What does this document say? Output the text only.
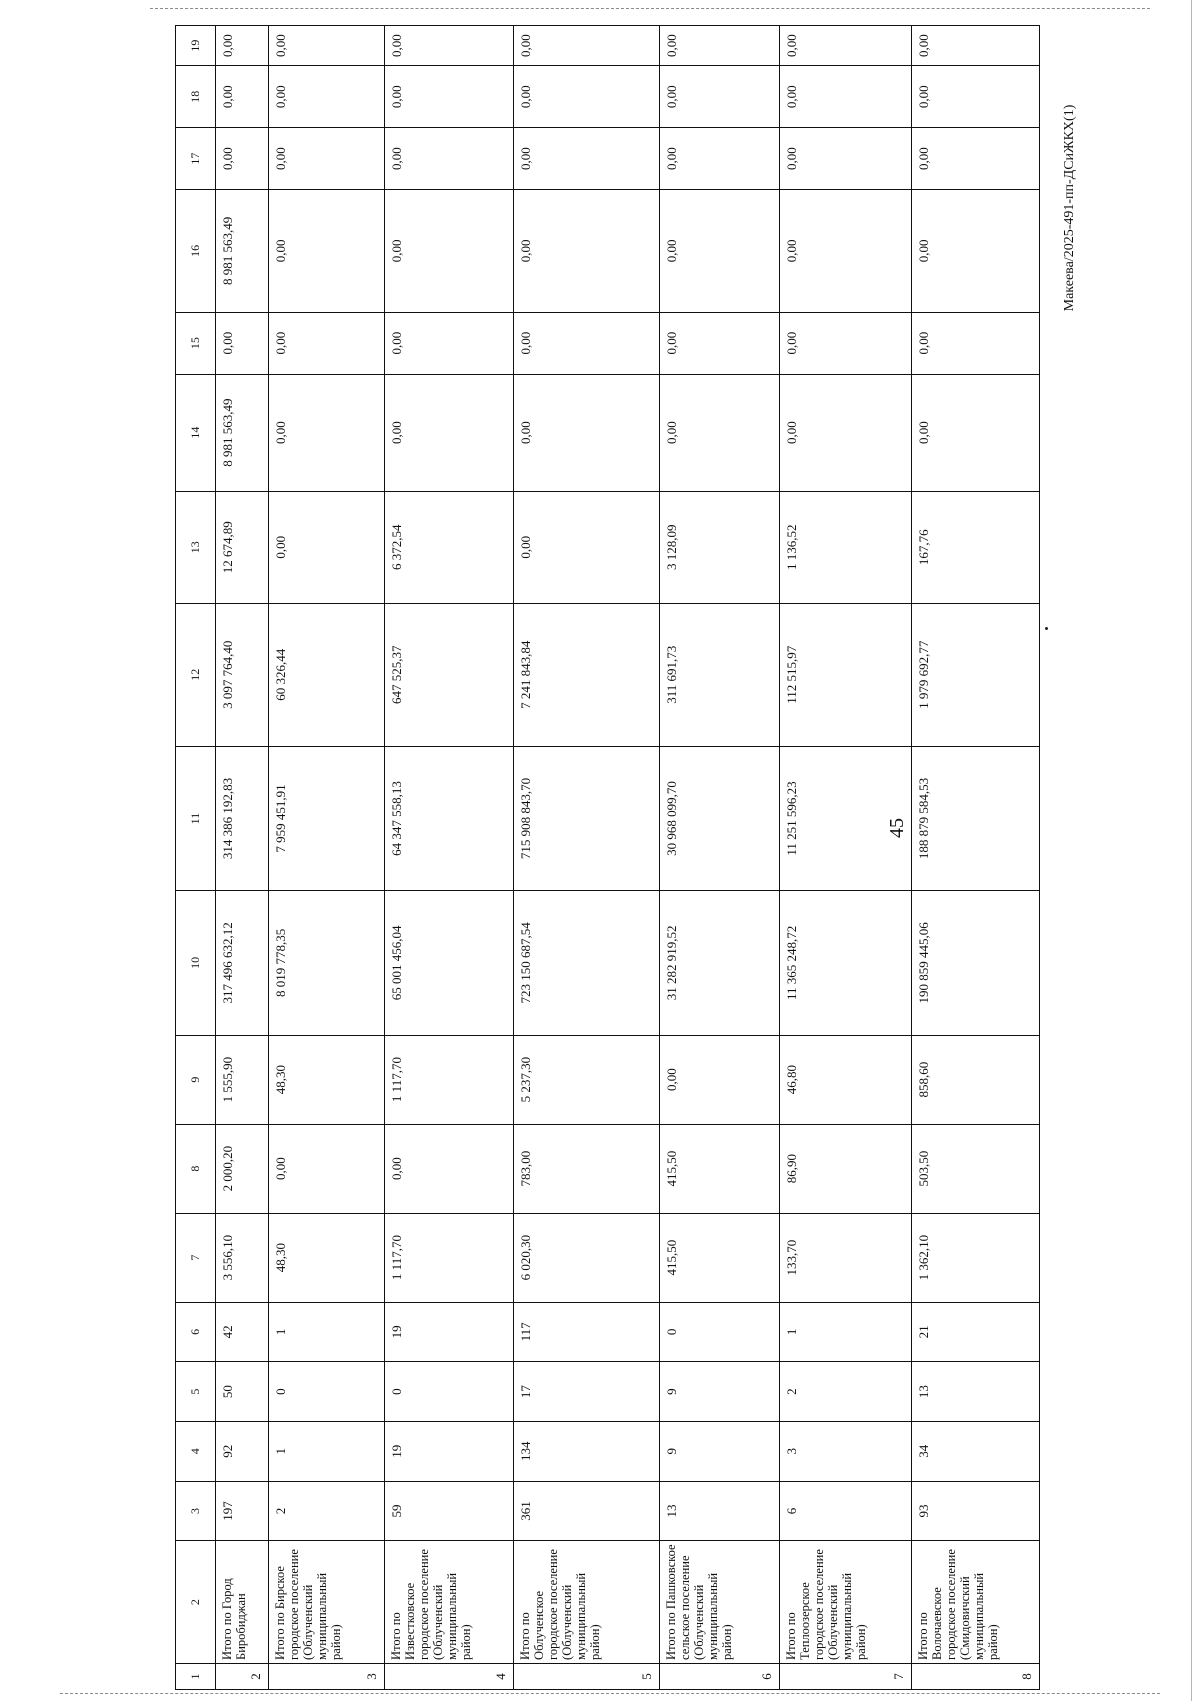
45
Макеева/2025-491-пп-ДСиЖКХ(1)
1	2	3	4	5	6	7	8	9	10	11	12	13	14	15	16	17	18	19
2	Итого по Город Биробиджан	197	92	50	42	3 556,10	2 000,20	1 555,90	317 496 632,12	314 386 192,83	3 097 764,40	12 674,89	8 981 563,49	0,00	8 981 563,49	0,00	0,00	0,00
3	Итого по Бирское городское поселение (Облученский муниципальный район)	2	1	0	1	48,30	0,00	48,30	8 019 778,35	7 959 451,91	60 326,44	0,00	0,00	0,00	0,00	0,00	0,00	0,00
4	Итого по Известковское городское поселение (Облученский муниципальный район)	59	19	0	19	1 117,70	0,00	1 117,70	65 001 456,04	64 347 558,13	647 525,37	6 372,54	0,00	0,00	0,00	0,00	0,00	0,00
5	Итого по Облученское городское поселение (Облученский муниципальный район)	361	134	17	117	6 020,30	783,00	5 237,30	723 150 687,54	715 908 843,70	7 241 843,84	0,00	0,00	0,00	0,00	0,00	0,00	0,00
6	Итого по Пашковское сельское поселение (Облученский муниципальный район)	13	9	9	0	415,50	415,50	0,00	31 282 919,52	30 968 099,70	311 691,73	3 128,09	0,00	0,00	0,00	0,00	0,00	0,00
7	Итого по Теплоозерское городское поселение (Облученский муниципальный район)	6	3	2	1	133,70	86,90	46,80	11 365 248,72	11 251 596,23	112 515,97	1 136,52	0,00	0,00	0,00	0,00	0,00	0,00
8	Итого по Волочаевское городское поселение (Смидовичский муниципальный район)	93	34	13	21	1 362,10	503,50	858,60	190 859 445,06	188 879 584,53	1 979 692,77	167,76	0,00	0,00	0,00	0,00	0,00	0,00
